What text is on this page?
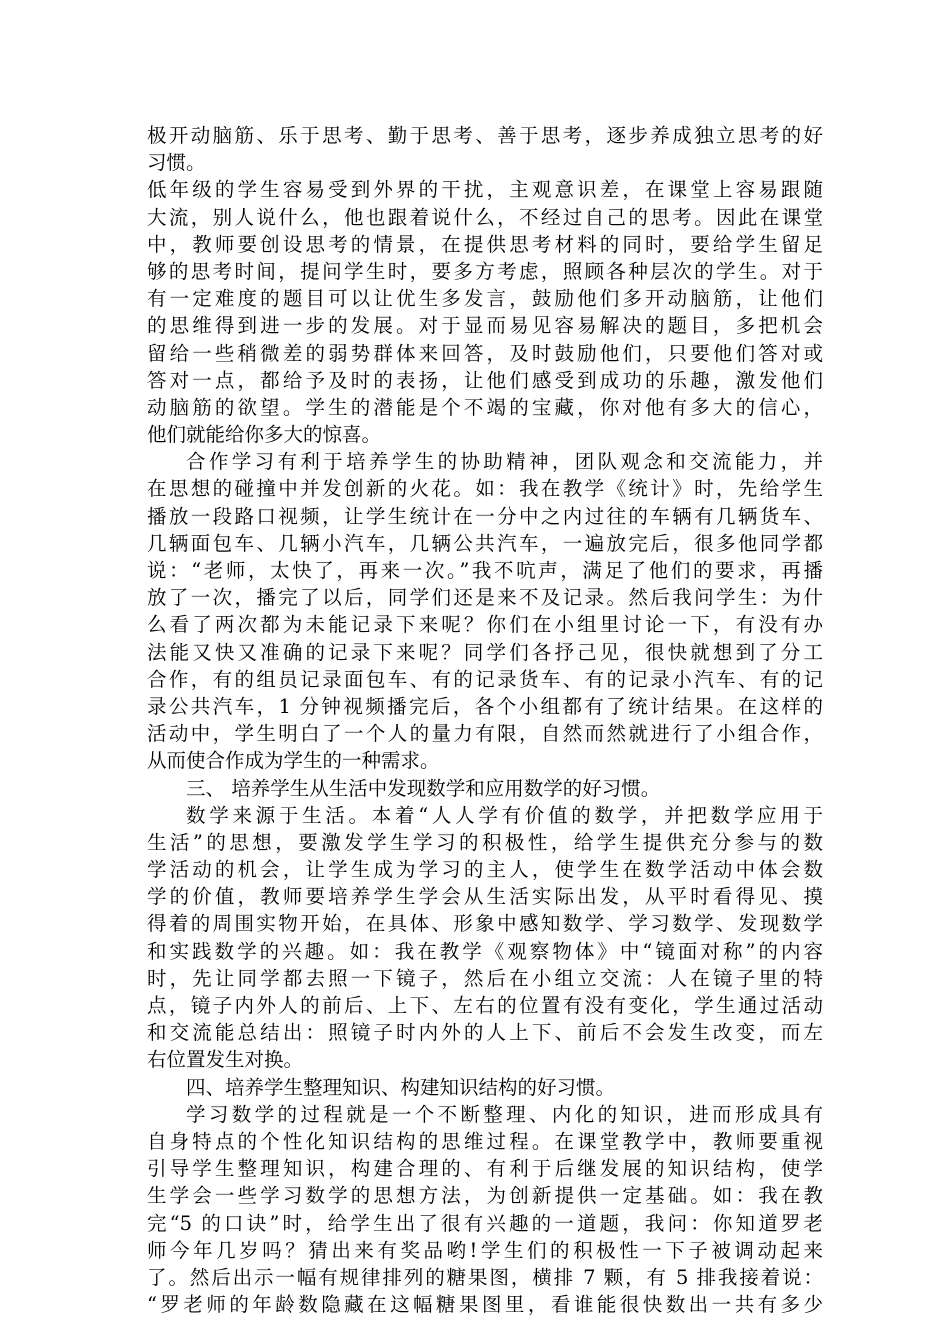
极开动脑筋、乐于思考、勤于思考、善于思考，逐步养成独立思考的好
习惯。
低年级的学生容易受到外界的干扰，主观意识差，在课堂上容易跟随
大流，别人说什么，他也跟着说什么，不经过自己的思考。因此在课堂
中，教师要创设思考的情景，在提供思考材料的同时，要给学生留足
够的思考时间，提问学生时，要多方考虑，照顾各种层次的学生。对于
有一定难度的题目可以让优生多发言，鼓励他们多开动脑筋，让他们
的思维得到进一步的发展。对于显而易见容易解决的题目，多把机会
留给一些稍微差的弱势群体来回答，及时鼓励他们，只要他们答对或
答对一点，都给予及时的表扬，让他们感受到成功的乐趣，激发他们
动脑筋的欲望。学生的潜能是个不竭的宝藏，你对他有多大的信心，
他们就能给你多大的惊喜。
合作学习有利于培养学生的协助精神，团队观念和交流能力，并
在思想的碰撞中并发创新的火花。如：我在教学《统计》时，先给学生
播放一段路口视频，让学生统计在一分中之内过往的车辆有几辆货车、
几辆面包车、几辆小汽车，几辆公共汽车，一遍放完后，很多他同学都
说：“老师，太快了，再来一次。”我不吭声，满足了他们的要求，再播
放了一次，播完了以后，同学们还是来不及记录。然后我问学生：为什
么看了两次都为未能记录下来呢？你们在小组里讨论一下，有没有办
法能又快又准确的记录下来呢？同学们各抒己见，很快就想到了分工
合作，有的组员记录面包车、有的记录货车、有的记录小汽车、有的记
录公共汽车，1 分钟视频播完后，各个小组都有了统计结果。在这样的
活动中，学生明白了一个人的量力有限，自然而然就进行了小组合作，
从而使合作成为学生的一种需求。
三、 培养学生从生活中发现数学和应用数学的好习惯。
数学来源于生活。本着“人人学有价值的数学，并把数学应用于
生活”的思想，要激发学生学习的积极性，给学生提供充分参与的数
学活动的机会，让学生成为学习的主人，使学生在数学活动中体会数
学的价值，教师要培养学生学会从生活实际出发，从平时看得见、摸
得着的周围实物开始，在具体、形象中感知数学、学习数学、发现数学
和实践数学的兴趣。如：我在教学《观察物体》中“镜面对称”的内容
时，先让同学都去照一下镜子，然后在小组立交流：人在镜子里的特
点，镜子内外人的前后、上下、左右的位置有没有变化，学生通过活动
和交流能总结出：照镜子时内外的人上下、前后不会发生改变，而左
右位置发生对换。
四、培养学生整理知识、构建知识结构的好习惯。
学习数学的过程就是一个不断整理、内化的知识，进而形成具有
自身特点的个性化知识结构的思维过程。在课堂教学中，教师要重视
引导学生整理知识，构建合理的、有利于后继发展的知识结构，使学
生学会一些学习数学的思想方法，为创新提供一定基础。如：我在教
完“5 的口诀”时，给学生出了很有兴趣的一道题，我问：你知道罗老
师今年几岁吗？猜出来有奖品哟!学生们的积极性一下子被调动起来
了。然后出示一幅有规律排列的糖果图，横排 7 颗，有 5 排我接着说：
“罗老师的年龄数隐藏在这幅糖果图里，看谁能很快数出一共有多少
